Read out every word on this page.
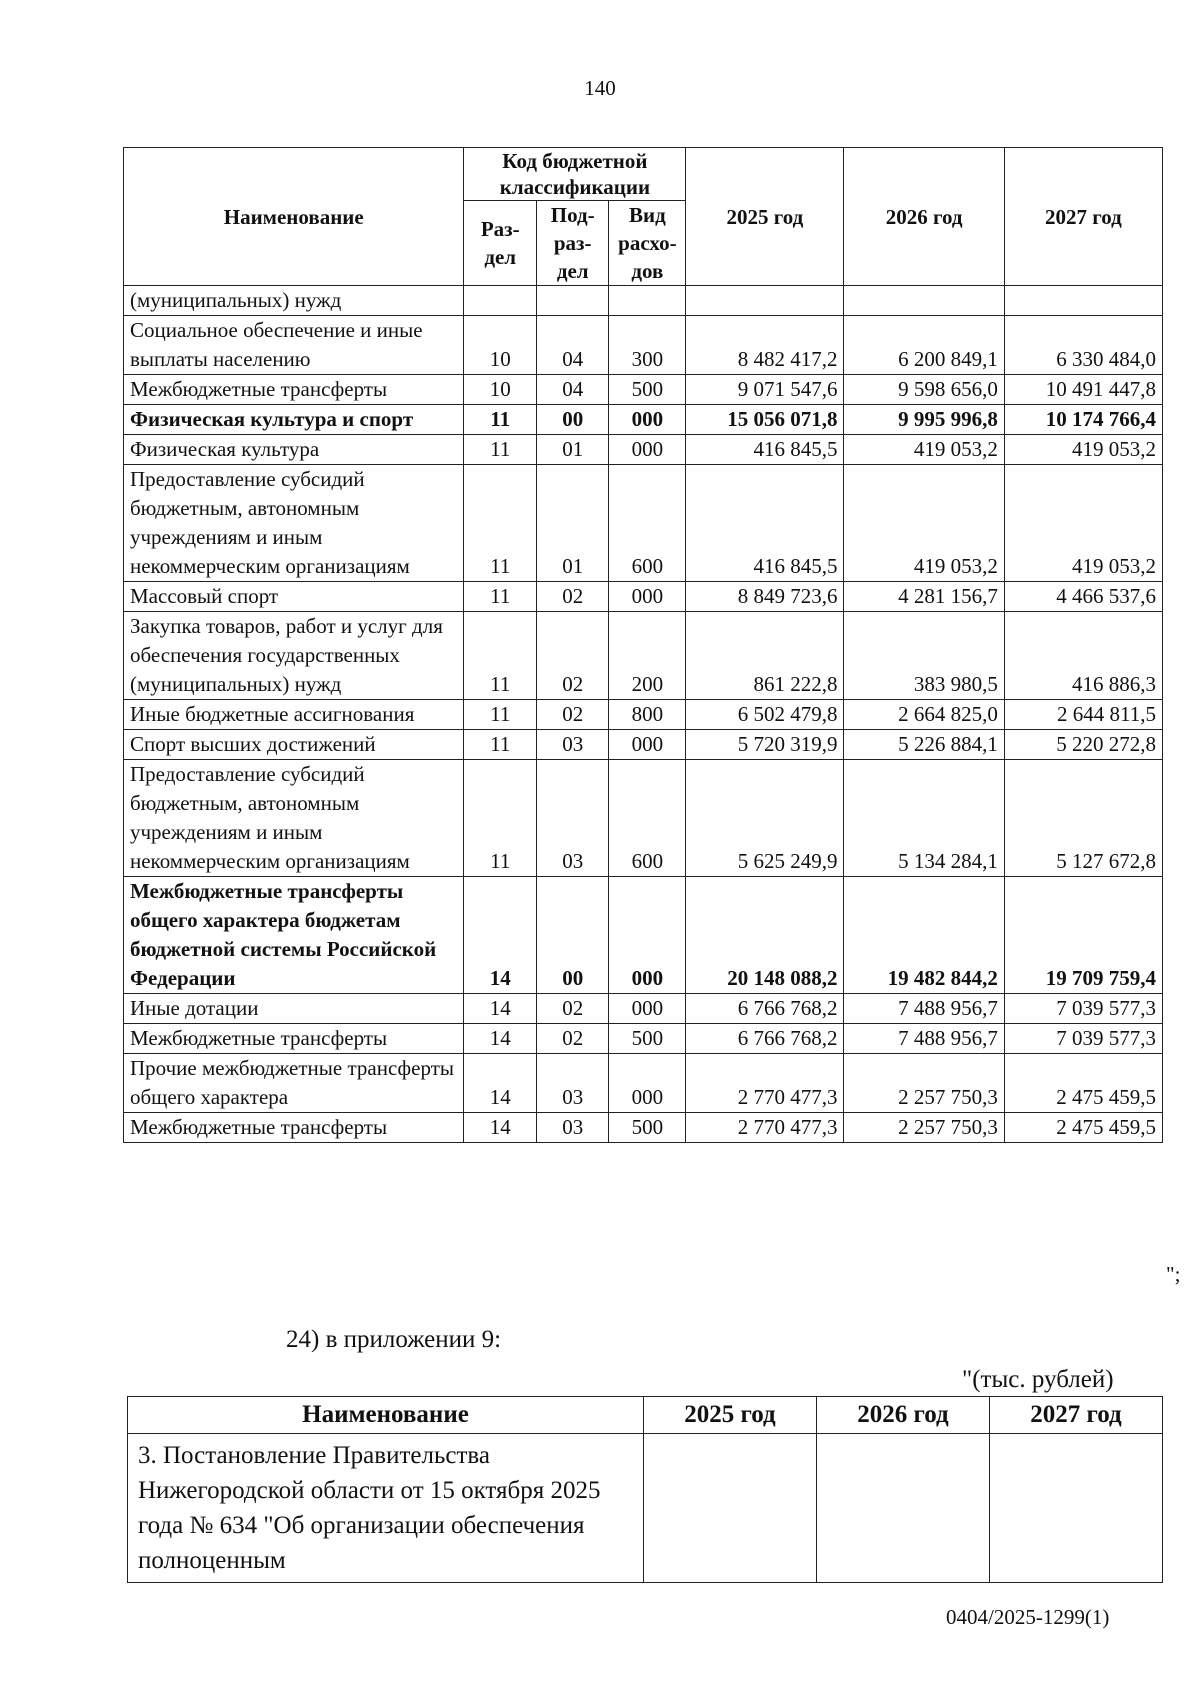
140
Наименование	Код бюджетной классификации			2025 год	2026 год	2027 год
	Раз- дел	Под- раз- дел	Вид расхо- дов			
(муниципальных) нужд						
Социальное обеспечение и иные выплаты населению	10	04	300	8 482 417,2	6 200 849,1	6 330 484,0
Межбюджетные трансферты	10	04	500	9 071 547,6	9 598 656,0	10 491 447,8
Физическая культура и спорт	11	00	000	15 056 071,8	9 995 996,8	10 174 766,4
Физическая культура	11	01	000	416 845,5	419 053,2	419 053,2
Предоставление субсидий бюджетным, автономным учреждениям и иным некоммерческим организациям	11	01	600	416 845,5	419 053,2	419 053,2
Массовый спорт	11	02	000	8 849 723,6	4 281 156,7	4 466 537,6
Закупка товаров, работ и услуг для обеспечения государственных (муниципальных) нужд	11	02	200	861 222,8	383 980,5	416 886,3
Иные бюджетные ассигнования	11	02	800	6 502 479,8	2 664 825,0	2 644 811,5
Спорт высших достижений	11	03	000	5 720 319,9	5 226 884,1	5 220 272,8
Предоставление субсидий бюджетным, автономным учреждениям и иным некоммерческим организациям	11	03	600	5 625 249,9	5 134 284,1	5 127 672,8
Межбюджетные трансферты общего характера бюджетам бюджетной системы Российской Федерации	14	00	000	20 148 088,2	19 482 844,2	19 709 759,4
Иные дотации	14	02	000	6 766 768,2	7 488 956,7	7 039 577,3
Межбюджетные трансферты	14	02	500	6 766 768,2	7 488 956,7	7 039 577,3
Прочие межбюджетные трансферты общего характера	14	03	000	2 770 477,3	2 257 750,3	2 475 459,5
Межбюджетные трансферты	14	03	500	2 770 477,3	2 257 750,3	2 475 459,5
";
24) в приложении 9:
"(тыс. рублей)
Наименование	2025 год	2026 год	2027 год
3. Постановление Правительства Нижегородской области от 15 октября 2025 года № 634 "Об организации обеспечения полноценным			
0404/2025-1299(1)
